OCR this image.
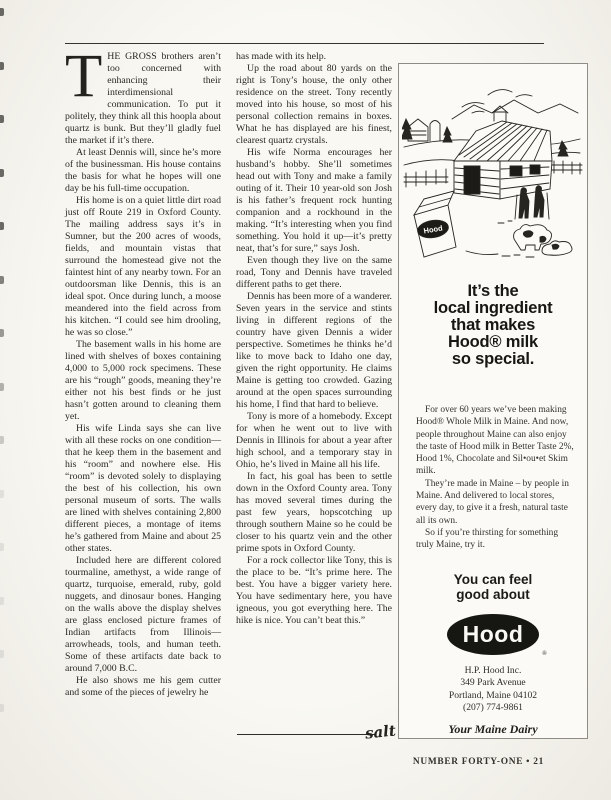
THE GROSS brothers aren’t too concerned with enhancing their interdimensional communication. To put it politely, they think all this hoopla about quartz is bunk. But they’ll gladly fuel the market if it’s there.

At least Dennis will, since he’s more of the businessman. His house contains the basis for what he hopes will one day be his full-time occupation.

His home is on a quiet little dirt road just off Route 219 in Oxford County. The mailing address says it’s in Sumner, but the 200 acres of woods, fields, and mountain vistas that surround the homestead give not the faintest hint of any nearby town. For an outdoorsman like Dennis, this is an ideal spot. Once during lunch, a moose meandered into the field across from his kitchen. “I could see him drooling, he was so close.”

The basement walls in his home are lined with shelves of boxes containing 4,000 to 5,000 rock specimens. These are his “rough” goods, meaning they’re either not his best finds or he just hasn’t gotten around to cleaning them yet.

His wife Linda says she can live with all these rocks on one condition—that he keep them in the basement and his “room” and nowhere else. His “room” is devoted solely to displaying the best of his collection, his own personal museum of sorts. The walls are lined with shelves containing 2,800 different pieces, a montage of items he’s gathered from Maine and about 25 other states.

Included here are different colored tourmaline, amethyst, a wide range of quartz, turquoise, emerald, ruby, gold nuggets, and dinosaur bones. Hanging on the walls above the display shelves are glass enclosed picture frames of Indian artifacts from Illinois—arrowheads, tools, and human teeth. Some of these artifacts date back to around 7,000 B.C.

He also shows me his gem cutter and some of the pieces of jewelry he

has made with its help.

Up the road about 80 yards on the right is Tony’s house, the only other residence on the street. Tony recently moved into his house, so most of his personal collection remains in boxes. What he has displayed are his finest, clearest quartz crystals.

His wife Norma encourages her husband’s hobby. She’ll sometimes head out with Tony and make a family outing of it. Their 10 year-old son Josh is his father’s frequent rock hunting companion and a rockhound in the making. “It’s interesting when you find something. You hold it up—it’s pretty neat, that’s for sure,” says Josh.

Even though they live on the same road, Tony and Dennis have traveled different paths to get there.

Dennis has been more of a wanderer. Seven years in the service and stints living in different regions of the country have given Dennis a wider perspective. Sometimes he thinks he’d like to move back to Idaho one day, given the right opportunity. He claims Maine is getting too crowded. Gazing around at the open spaces surrounding his home, I find that hard to believe.

Tony is more of a homebody. Except for when he went out to live with Dennis in Illinois for about a year after high school, and a temporary stay in Ohio, he’s lived in Maine all his life.

In fact, his goal has been to settle down in the Oxford County area. Tony has moved several times during the past few years, hopscotching up through southern Maine so he could be closer to his quartz vein and the other prime spots in Oxford County.

For a rock collector like Tony, this is the place to be. “It’s prime here. The best. You have a bigger variety here. You have sedimentary here, you have igneous, you got everything here. The hike is nice. You can’t beat this.”

salt
Hood
It’s the
local ingredient
that makes
Hood® milk
so special.

For over 60 years we’ve been making Hood® Whole Milk in Maine. And now, people throughout Maine can also enjoy the taste of Hood milk in Better Taste 2%, Hood 1%, Chocolate and Sil•ou•et Skim milk.

They’re made in Maine – by people in Maine. And delivered to local stores, every day, to give it a fresh, natural taste all its own.

So if you’re thirsting for something truly Maine, try it.

You can feel
good about
Hood
®
H.P. Hood Inc.
349 Park Avenue
Portland, Maine 04102
(207) 774-9861
Your Maine Dairy
NUMBER FORTY-ONE • 21
